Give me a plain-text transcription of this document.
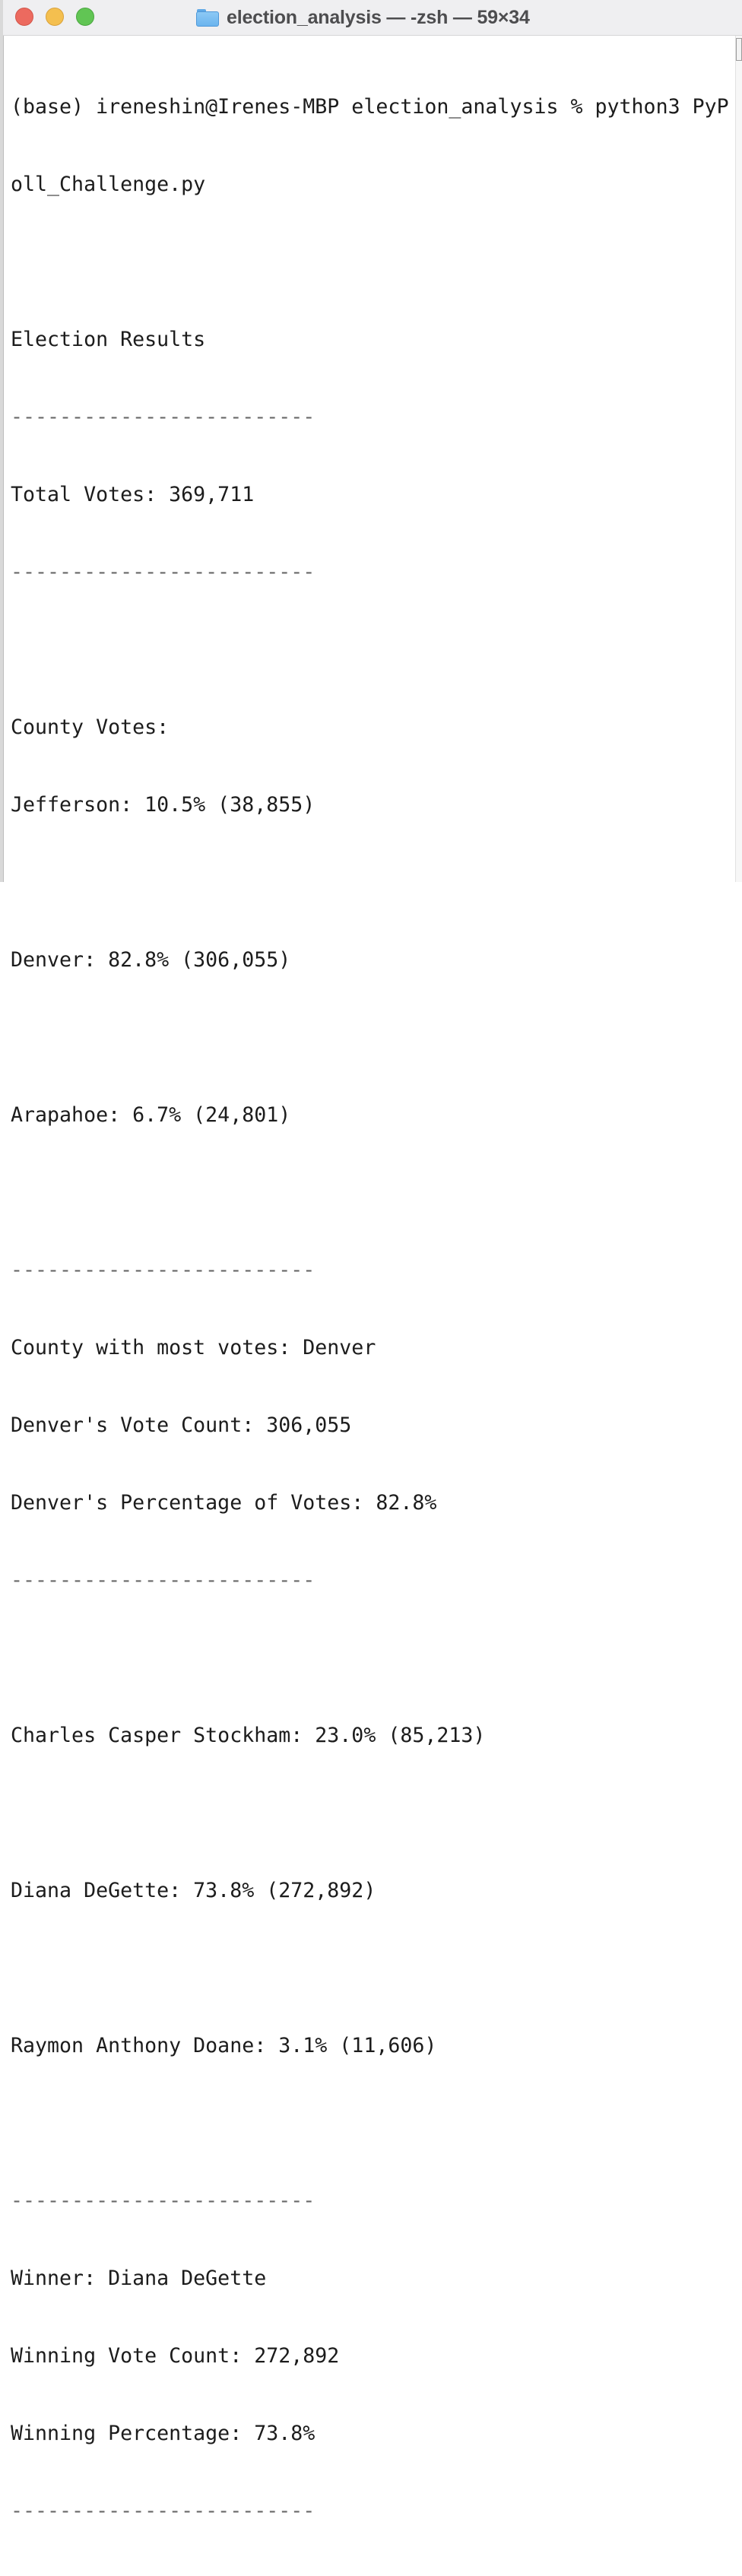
election_analysis — -zsh — 59×34

(base) ireneshin@Irenes-MBP election_analysis % python3 PyP

oll_Challenge.py

Election Results

-------------------------

Total Votes: 369,711

-------------------------

County Votes:

Jefferson: 10.5% (38,855)

Denver: 82.8% (306,055)

Arapahoe: 6.7% (24,801)

-------------------------

County with most votes: Denver

Denver's Vote Count: 306,055

Denver's Percentage of Votes: 82.8%

-------------------------

Charles Casper Stockham: 23.0% (85,213)

Diana DeGette: 73.8% (272,892)

Raymon Anthony Doane: 3.1% (11,606)

-------------------------

Winner: Diana DeGette

Winning Vote Count: 272,892

Winning Percentage: 73.8%

-------------------------
